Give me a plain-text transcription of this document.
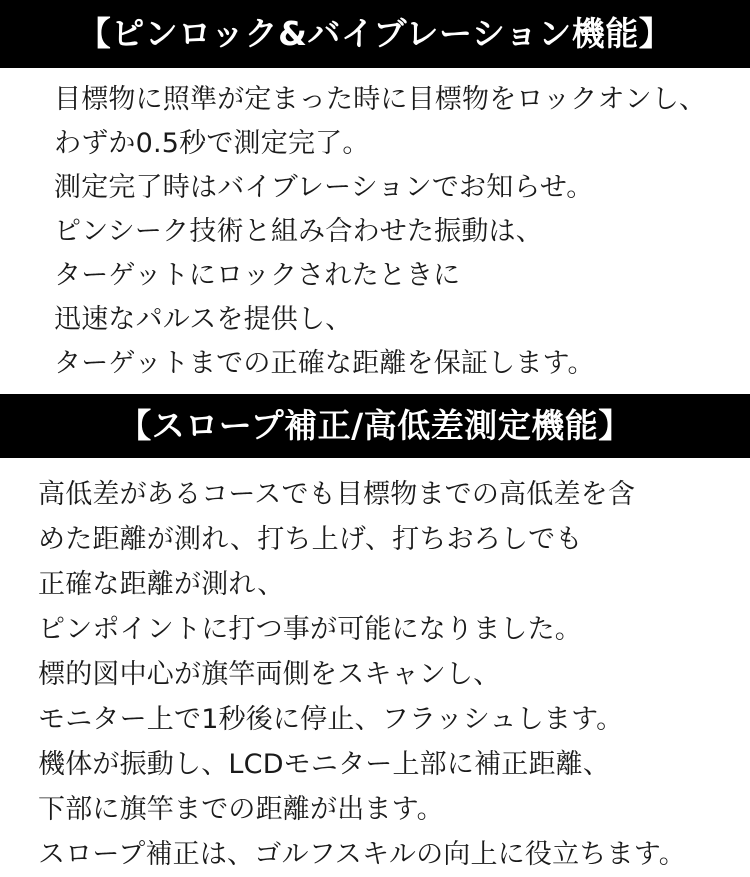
【ピンロック&バイブレーション機能】
目標物に照準が定まった時に目標物をロックオンし、
わずか0.5秒で測定完了。
測定完了時はバイブレーションでお知らせ。
ピンシーク技術と組み合わせた振動は、
ターゲットにロックされたときに
迅速なパルスを提供し、
ターゲットまでの正確な距離を保証します。
【スロープ補正/高低差測定機能】
高低差があるコースでも目標物までの高低差を含
めた距離が測れ、打ち上げ、打ちおろしでも
正確な距離が測れ、
ピンポイントに打つ事が可能になりました。
標的図中心が旗竿両側をスキャンし、
モニター上で1秒後に停止、フラッシュします。
機体が振動し、LCDモニター上部に補正距離、
下部に旗竿までの距離が出ます。
スロープ補正は、ゴルフスキルの向上に役立ちます。
